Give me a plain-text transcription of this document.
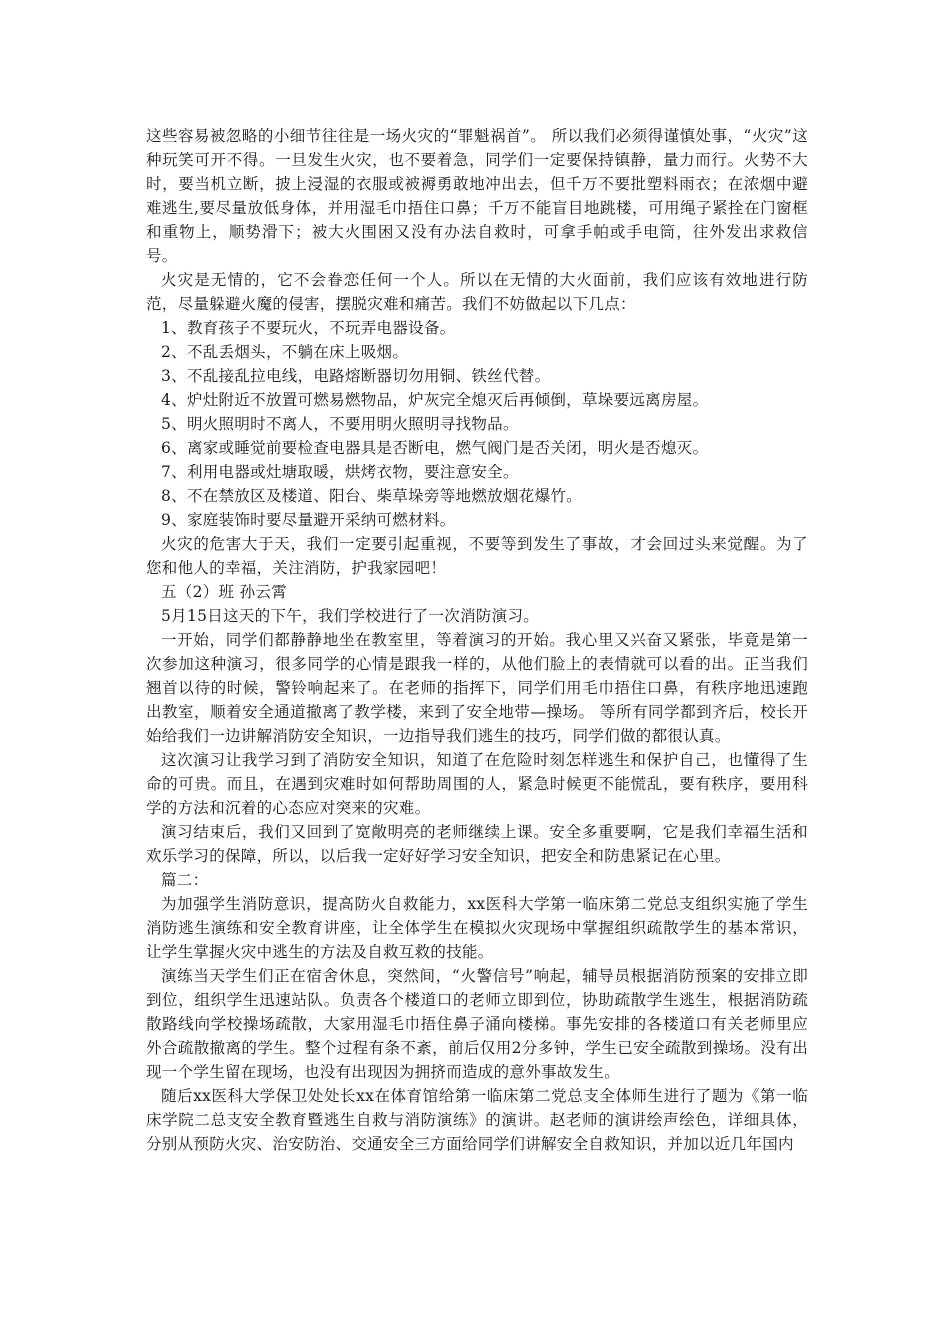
这些容易被忽略的小细节往往是一场火灾的“罪魁祸首”。 所以我们必须得谨慎处事，“火灾”这种玩笑可开不得。一旦发生火灾，也不要着急，同学们一定要保持镇静，量力而行。火势不大时，要当机立断，披上浸湿的衣服或被褥勇敢地冲出去，但千万不要批塑料雨衣；在浓烟中避难逃生,要尽量放低身体，并用湿毛巾捂住口鼻；千万不能盲目地跳楼，可用绳子紧拴在门窗框和重物上，顺势滑下；被大火围困又没有办法自救时，可拿手帕或手电筒，往外发出求救信号。

火灾是无情的，它不会眷恋任何一个人。所以在无情的大火面前，我们应该有效地进行防范，尽量躲避火魔的侵害，摆脱灾难和痛苦。我们不妨做起以下几点：

1、教育孩子不要玩火，不玩弄电器设备。

2、不乱丢烟头，不躺在床上吸烟。

3、不乱接乱拉电线，电路熔断器切勿用铜、铁丝代替。

4、炉灶附近不放置可燃易燃物品，炉灰完全熄灭后再倾倒，草垛要远离房屋。

5、明火照明时不离人，不要用明火照明寻找物品。

6、离家或睡觉前要检查电器具是否断电，燃气阀门是否关闭，明火是否熄灭。

7、利用电器或灶塘取暖，烘烤衣物，要注意安全。

8、不在禁放区及楼道、阳台、柴草垛旁等地燃放烟花爆竹。

9、家庭装饰时要尽量避开采纳可燃材料。

火灾的危害大于天，我们一定要引起重视，不要等到发生了事故，才会回过头来觉醒。为了您和他人的幸福，关注消防，护我家园吧！

五（2）班 孙云霄

5月15日这天的下午，我们学校进行了一次消防演习。

一开始，同学们都静静地坐在教室里，等着演习的开始。我心里又兴奋又紧张，毕竟是第一次参加这种演习，很多同学的心情是跟我一样的，从他们脸上的表情就可以看的出。正当我们翘首以待的时候，警铃响起来了。在老师的指挥下，同学们用毛巾捂住口鼻，有秩序地迅速跑出教室，顺着安全通道撤离了教学楼，来到了安全地带—操场。 等所有同学都到齐后，校长开始给我们一边讲解消防安全知识，一边指导我们逃生的技巧，同学们做的都很认真。

这次演习让我学习到了消防安全知识，知道了在危险时刻怎样逃生和保护自己，也懂得了生命的可贵。而且，在遇到灾难时如何帮助周围的人，紧急时候更不能慌乱，要有秩序，要用科学的方法和沉着的心态应对突来的灾难。

演习结束后，我们又回到了宽敞明亮的老师继续上课。安全多重要啊，它是我们幸福生活和欢乐学习的保障，所以，以后我一定好好学习安全知识，把安全和防患紧记在心里。

篇二：

为加强学生消防意识，提高防火自救能力，xx医科大学第一临床第二党总支组织实施了学生消防逃生演练和安全教育讲座，让全体学生在模拟火灾现场中掌握组织疏散学生的基本常识，让学生掌握火灾中逃生的方法及自救互救的技能。

演练当天学生们正在宿舍休息，突然间，“火警信号”响起，辅导员根据消防预案的安排立即到位，组织学生迅速站队。负责各个楼道口的老师立即到位，协助疏散学生逃生，根据消防疏散路线向学校操场疏散，大家用湿毛巾捂住鼻子涌向楼梯。事先安排的各楼道口有关老师里应外合疏散撤离的学生。整个过程有条不紊，前后仅用2分多钟，学生已安全疏散到操场。没有出现一个学生留在现场，也没有出现因为拥挤而造成的意外事故发生。

随后xx医科大学保卫处处长xx在体育馆给第一临床第二党总支全体师生进行了题为《第一临床学院二总支安全教育暨逃生自救与消防演练》的演讲。赵老师的演讲绘声绘色，详细具体，分别从预防火灾、治安防治、交通安全三方面给同学们讲解安全自救知识，并加以近几年国内
